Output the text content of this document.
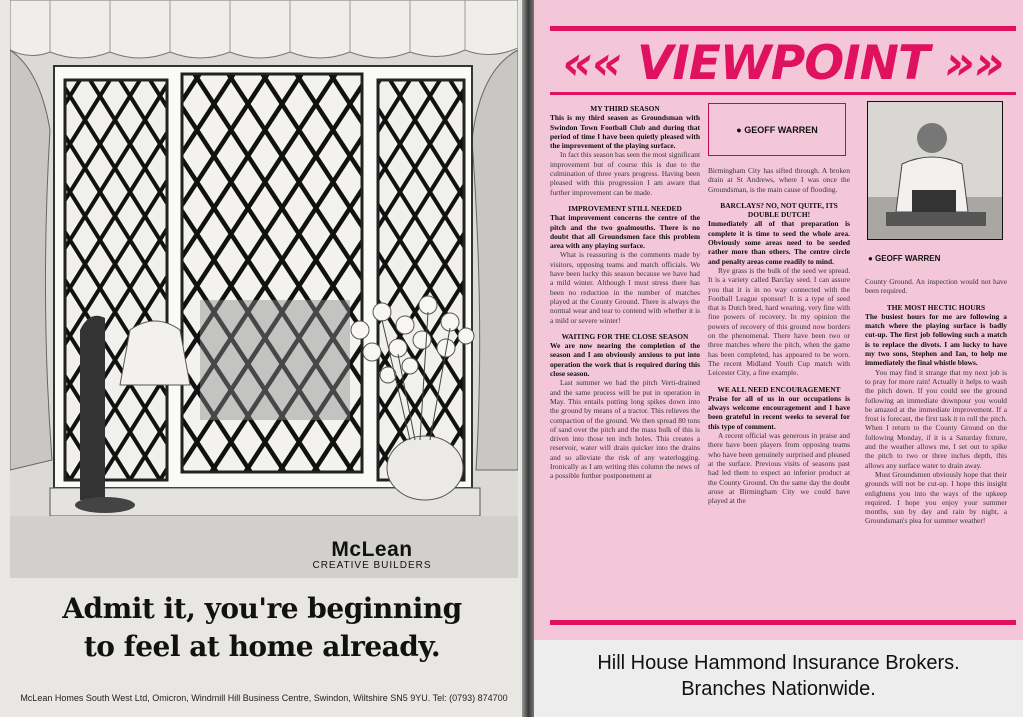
McLean
CREATIVE BUILDERS
Admit it, you're beginning
to feel at home already.
McLean Homes South West Ltd, Omicron, Windmill Hill Business Centre, Swindon, Wiltshire SN5 9YU. Tel: (0793) 874700
«« VIEWPOINT »»
MY THIRD SEASON
This is my third season as Groundsman with Swindon Town Football Club and during that period of time I have been quietly pleased with the improvement of the playing surface.

In fact this season has seen the most significant improvement but of course this is due to the culmination of three years progress. Having been pleased with this progression I am aware that further improvement can be made.

IMPROVEMENT STILL NEEDED
That improvement concerns the centre of the pitch and the two goalmouths. There is no doubt that all Groundsmen face this problem area with any playing surface.

What is reassuring is the comments made by visitors, opposing teams and match officials. We have been lucky this season because we have had a mild winter. Although I must stress there has been no reduction in the number of matches played at the County Ground. There is always the normal wear and tear to contend with whether it is a mild or severe winter!

WAITING FOR THE CLOSE SEASON
We are now nearing the completion of the season and I am obviously anxious to put into operation the work that is required during this close season.

Last summer we had the pitch Verti-drained and the same process will be put in operation in May. This entails putting long spikes down into the ground by means of a tractor. This relieves the compaction of the ground. We then spread 80 tons of sand over the pitch and the mass bulk of this is driven into those ten inch holes. This creates a reservoir, water will drain quicker into the drains and so alleviate the risk of any waterlogging. Ironically as I am writing this column the news of a possible further postponement at

● GEOFF WARREN

Birmingham City has sifted through. A broken drain at St Andrews, where I was once the Groundsman, is the main cause of flooding.

BARCLAYS? NO, NOT QUITE, ITS DOUBLE DUTCH!
Immediately all of that preparation is complete it is time to seed the whole area. Obviously some areas need to be seeded rather more than others. The centre circle and penalty areas come readily to mind.

Rye grass is the bulk of the seed we spread. It is a variety called Barclay seed. I can assure you that it is in no way connected with the Football League sponsor! It is a type of seed that is Dutch bred, hard wearing, very fine with fine powers of recovery. In my opinion the powers of recovery of this ground now borders on the phenomenal. There have been two or three matches where the pitch, when the game has been completed, has appeared to be worn. The recent Midland Youth Cup match with Leicester City, a fine example.

WE ALL NEED ENCOURAGEMENT
Praise for all of us in our occupations is always welcome encouragement and I have been grateful in recent weeks to several for this type of comment.

A recent official was generous in praise and there have been players from opposing teams who have been genuinely surprised and pleased at the surface. Previous visits of seasons past had led them to expect an inferior product at the County Ground. On the same day the doubt arose at Birmingham City we could have played at the

● GEOFF WARREN

County Ground. An inspection would not have been required.

THE MOST HECTIC HOURS
The busiest hours for me are following a match where the playing surface is badly cut-up. The first job following such a match is to replace the divots. I am lucky to have my two sons, Stephen and Ian, to help me immediately the final whistle blows.

You may find it strange that my next job is to pray for more rain! Actually it helps to wash the pitch down. If you could see the ground following an immediate downpour you would be amazed at the immediate improvement. If a frost is forecast, the first task it to roll the pitch. When I return to the County Ground on the following Monday, if it is a Saturday fixture, and the weather allows me, I set out to spike the pitch to two or three inches depth, this allows any surface water to drain away.

Most Groundsmen obviously hope that their grounds will not be cut-up. I hope this insight enlightens you into the ways of the upkeep required. I hope you enjoy your summer months, sun by day and rain by night, a Groundsman's plea for summer weather!

Hill House Hammond Insurance Brokers.
Branches Nationwide.
